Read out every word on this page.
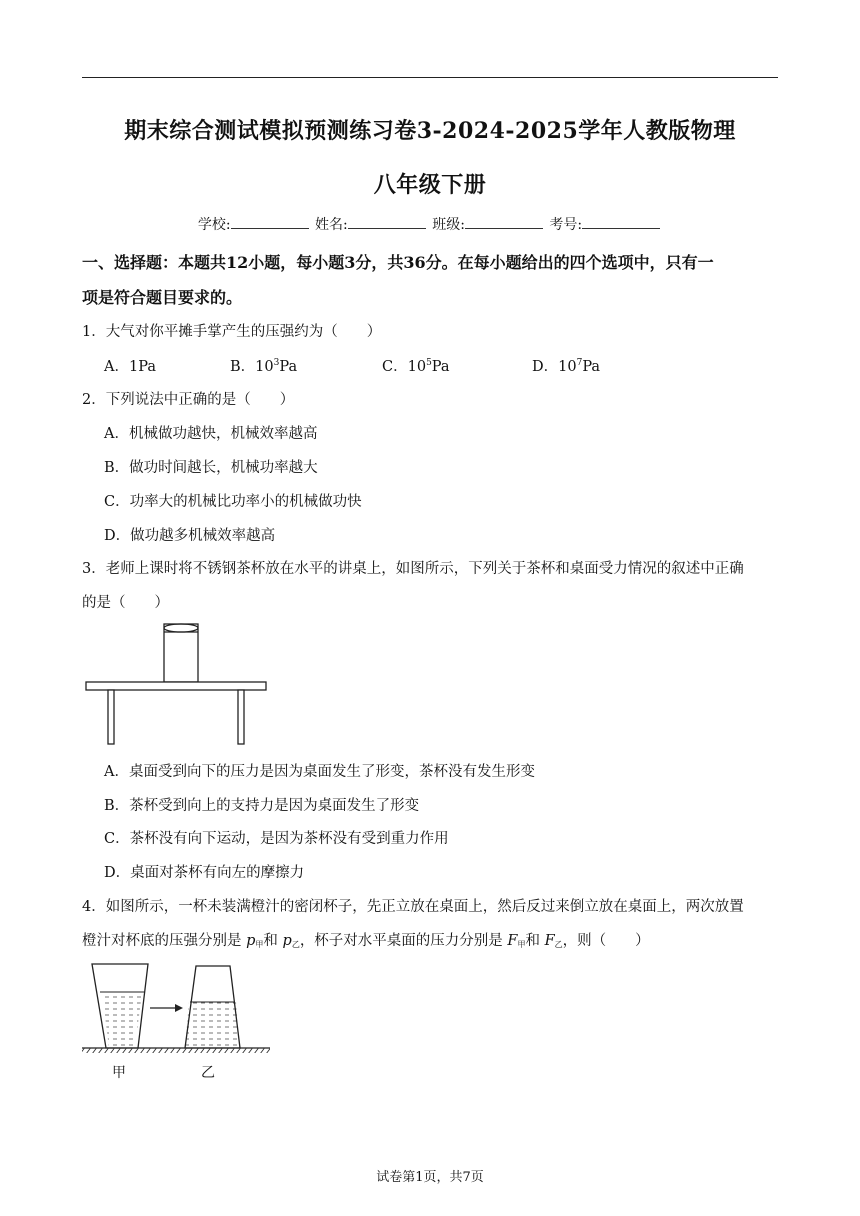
期末综合测试模拟预测练习卷3-2024-2025学年人教版物理
八年级下册
学校:	姓名:	班级:	考号:
一、选择题：本题共12小题，每小题3分，共36分。在每小题给出的四个选项中，只有一
项是符合题目要求的。
1．大气对你平摊手掌产生的压强约为（　　）
A．1Pa	B．$10^3Pa$	C．$10^5Pa$	D．$10^7Pa$
2．下列说法中正确的是（　　）
A．机械做功越快，机械效率越高
B．做功时间越长，机械功率越大
C．功率大的机械比功率小的机械做功快
D．做功越多机械效率越高
3．老师上课时将不锈钢茶杯放在水平的讲桌上，如图所示，下列关于茶杯和桌面受力情况的叙述中正确
的是（　　）
A．桌面受到向下的压力是因为桌面发生了形变，茶杯没有发生形变
B．茶杯受到向上的支持力是因为桌面发生了形变
C．茶杯没有向下运动，是因为茶杯没有受到重力作用
D．桌面对茶杯有向左的摩擦力
4．如图所示，一杯未装满橙汁的密闭杯子，先正立放在桌面上，然后反过来倒立放在桌面上，两次放置
橙汁对杯底的压强分别是 $p_甲$和 $p_乙$，杯子对水平桌面的压力分别是 $F_甲$和 $F_乙$，则（　　）
甲	乙
试卷第1页，共7页
